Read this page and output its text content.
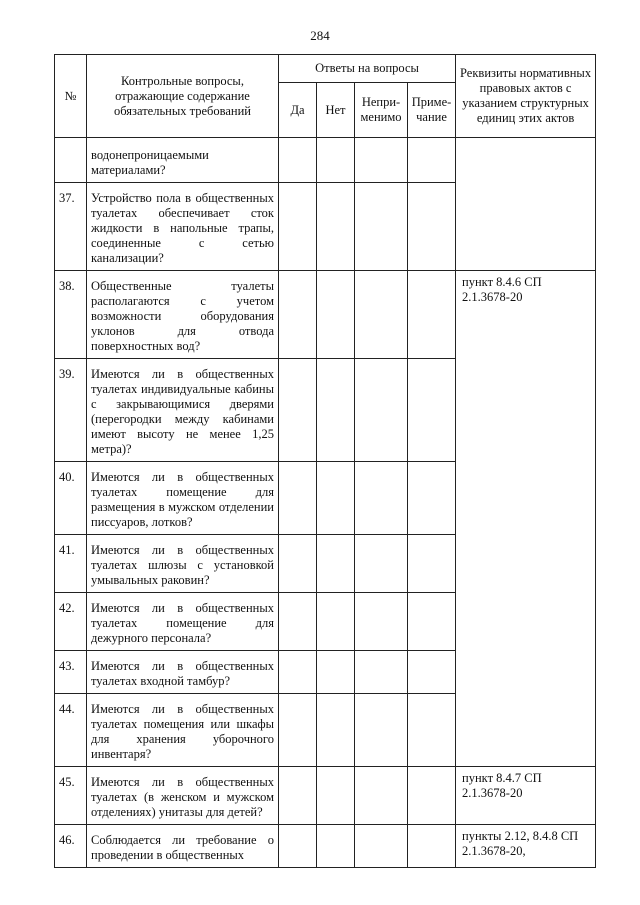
284
№	Контрольные вопросы, отражающие содержание обязательных требований	Ответы на вопросы				Реквизиты нормативных правовых актов с указанием структурных единиц этих актов
		Да	Нет	Непри-менимо	Приме-чание	
	водонепроницаемыми материалами?					
37.	Устройство пола в общественных туалетах обеспечивает сток жидкости в напольные трапы, соединенные с сетью канализации?					
38.	Общественные туалеты располагаются с учетом возможности оборудования уклонов для отвода поверхностных вод?					пункт 8.4.6 СП 2.1.3678-20
39.	Имеются ли в общественных туалетах индивидуальные кабины с закрывающимися дверями (перегородки между кабинами имеют высоту не менее 1,25 метра)?					
40.	Имеются ли в общественных туалетах помещение для размещения в мужском отделении писсуаров, лотков?					
41.	Имеются ли в общественных туалетах шлюзы с установкой умывальных раковин?					
42.	Имеются ли в общественных туалетах помещение для дежурного персонала?					
43.	Имеются ли в общественных туалетах входной тамбур?					
44.	Имеются ли в общественных туалетах помещения или шкафы для хранения уборочного инвентаря?					
45.	Имеются ли в общественных туалетах (в женском и мужском отделениях) унитазы для детей?					пункт 8.4.7 СП 2.1.3678-20
46.	Соблюдается ли требование о проведении в общественных					пункты 2.12, 8.4.8 СП 2.1.3678-20,
